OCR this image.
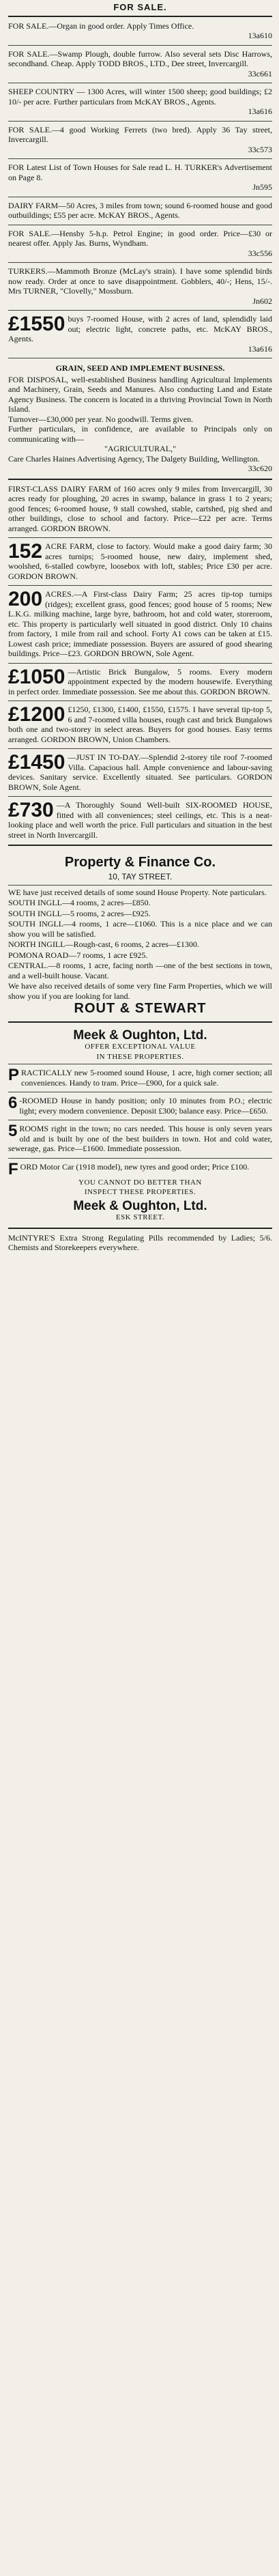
FOR SALE.

FOR SALE.—Organ in good order. Apply Times Office.

13a610

FOR SALE.—Swamp Plough, double furrow. Also several sets Disc Harrows, secondhand. Cheap. Apply TODD BROS., LTD., Dee street, Invercargill.

33c661

SHEEP COUNTRY — 1300 Acres, will winter 1500 sheep; good buildings; £2 10/- per acre. Further particulars from McKAY BROS., Agents.

13a616

FOR SALE.—4 good Working Ferrets (two bred). Apply 36 Tay street, Invercargill.

33c573

FOR Latest List of Town Houses for Sale read L. H. TURKER's Advertisement on Page 8.

Jn595

DAIRY FARM—50 Acres, 3 miles from town; sound 6-roomed house and good outbuildings; £55 per acre. McKAY BROS., Agents.

FOR SALE.—Hensby 5-h.p. Petrol Engine; in good order. Price—£30 or nearest offer. Apply Jas. Burns, Wyndham.

33c556

TURKERS.—Mammoth Bronze (McLay's strain). I have some splendid birds now ready. Order at once to save disappointment. Gobblers, 40/-; Hens, 15/-. Mrs TURNER, "Clovelly," Mossburn.

Jn602
£1550 buys 7-roomed House, with 2 acres of land, splendidly laid out; electric light, concrete paths, etc. McKAY BROS., Agents.

13a616
GRAIN, SEED AND IMPLEMENT BUSINESS.

FOR DISPOSAL, well-established Business handling Agricultural Implements and Machinery, Grain, Seeds and Manures. Also conducting Land and Estate Agency Business. The concern is located in a thriving Provincial Town in North Island.

Turnover—£30,000 per year. No goodwill. Terms given.

Further particulars, in confidence, are available to Principals only on communicating with—

"AGRICULTURAL,"

Care Charles Haines Advertising Agency, The Dalgety Building, Wellington.

33c620

FIRST-CLASS DAIRY FARM of 160 acres only 9 miles from Invercargill, 30 acres ready for ploughing, 20 acres in swamp, balance in grass 1 to 2 years; good fences; 6-roomed house, 9 stall cowshed, stable, cartshed, pig shed and other buildings, close to school and factory. Price—£22 per acre. Terms arranged. GORDON BROWN.

152 ACRE FARM, close to factory. Would make a good dairy farm; 30 acres turnips; 5-roomed house, new dairy, implement shed, woolshed, 6-stalled cowbyre, loosebox with loft, stables; Price £30 per acre. GORDON BROWN.

200 ACRES.—A First-class Dairy Farm; 25 acres tip-top turnips (ridges); excellent grass, good fences; good house of 5 rooms; New L.K.G. milking machine, large byre, bathroom, hot and cold water, storeroom, etc. This property is particularly well situated in good district. Only 10 chains from factory, 1 mile from rail and school. Forty A1 cows can be taken at £15. Lowest cash price; immediate possession. Buyers are assured of good shearing buildings. Price—£23. GORDON BROWN, Sole Agent.

£1050 —Artistic Brick Bungalow, 5 rooms. Every modern appointment expected by the modern housewife. Everything in perfect order. Immediate possession. See me about this. GORDON BROWN.

£1200 £1250, £1300, £1400, £1550, £1575. I have several tip-top 5, 6 and 7-roomed villa houses, rough cast and brick Bungalows both one and two-storey in select areas. Buyers for good houses. Easy terms arranged. GORDON BROWN, Union Chambers.

£1450 —JUST IN TO-DAY.—Splendid 2-storey tile roof 7-roomed Villa. Capacious hall. Ample convenience and labour-saving devices. Sanitary service. Excellently situated. See particulars. GORDON BROWN, Sole Agent.

£730 —A Thoroughly Sound Well-built SIX-ROOMED HOUSE, fitted with all conveniences; steel ceilings, etc. This is a neat-looking place and well worth the price. Full particulars and situation in the best street in North Invercargill.

Property & Finance Co.
10, TAY STREET.

WE have just received details of some sound House Property. Note particulars.

SOUTH INGLL—4 rooms, 2 acres—£850.
SOUTH INGLL—5 rooms, 2 acres—£925.
SOUTH INGLL—4 rooms, 1 acre—£1060. This is a nice place and we can show you will be satisfied.
NORTH INGILL—Rough-cast, 6 rooms, 2 acres—£1300.
POMONA ROAD—7 rooms, 1 acre £925.
CENTRAL.—8 rooms, 1 acre, facing north —one of the best sections in town, and a well-built house. Vacant.
We have also received details of some very fine Farm Properties, which we will show you if you are looking for land.
ROUT & STEWART
Meek & Oughton, Ltd.
OFFER EXCEPTIONAL VALUE
IN THESE PROPERTIES.
P RACTICALLY new 5-roomed sound House, 1 acre, high corner section; all conveniences. Handy to tram. Price—£900, for a quick sale.

6 -ROOMED House in handy position; only 10 minutes from P.O.; electric light; every modern convenience. Deposit £300; balance easy. Price—£650.

5 ROOMS right in the town; no cars needed. This house is only seven years old and is built by one of the best builders in town. Hot and cold water, sewerage, gas. Price—£1600. Immediate possession.

F ORD Motor Car (1918 model), new tyres and good order; Price £100.

YOU CANNOT DO BETTER THAN
INSPECT THESE PROPERTIES.
Meek & Oughton, Ltd.
ESK STREET.

McINTYRE'S Extra Strong Regulating Pills recommended by Ladies; 5/6. Chemists and Storekeepers everywhere.
